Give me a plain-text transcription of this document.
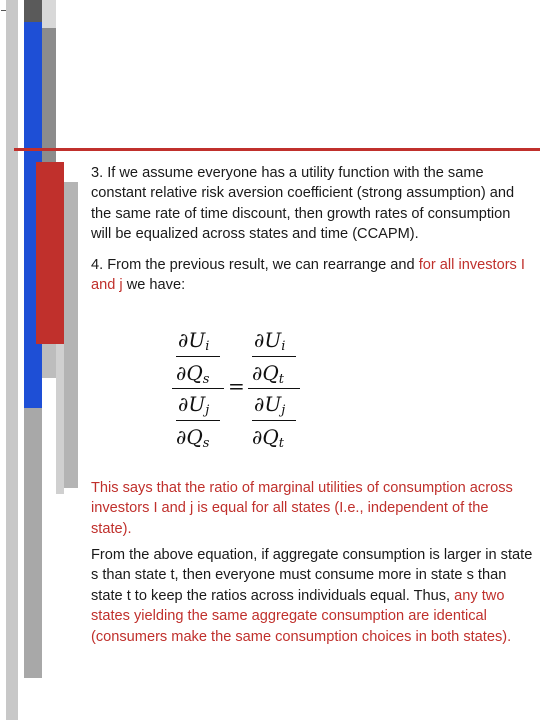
3. If we assume everyone has a utility function with the same constant relative risk aversion coefficient (strong assumption) and the same rate of time discount, then growth rates of consumption will be equalized across states and time (CCAPM).

4. From the previous result, we can rearrange and for all investors I and j we have:

$\partial U_i$
$\partial Q_s$
$\partial U_j$
$\partial Q_s$
=
$\partial U_i$
$\partial Q_t$
$\partial U_j$
$\partial Q_t$
This says that the ratio of marginal utilities of consumption across investors I and j is equal for all states (I.e., independent of the state).
From the above equation, if aggregate consumption is larger in state s than state t, then everyone must consume more in state s than state t to keep the ratios across individuals equal. Thus, any two states yielding the same aggregate consumption are identical (consumers make the same consumption choices in both states).
